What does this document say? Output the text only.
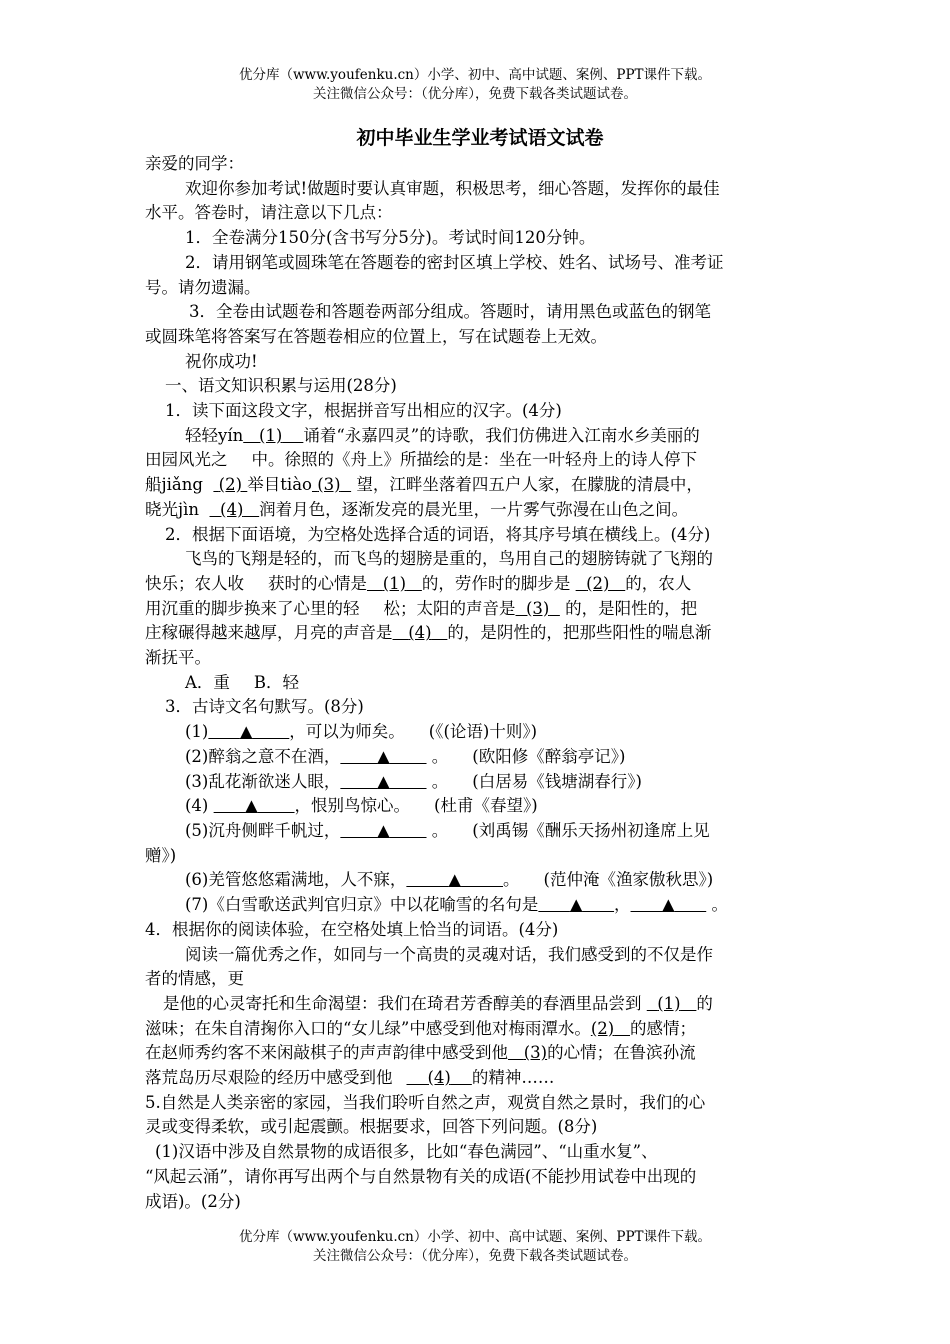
优分库（www.youfenku.cn）小学、初中、高中试题、案例、PPT课件下载。
关注微信公众号：（优分库），免费下载各类试题试卷。
初中毕业生学业考试语文试卷

亲爱的同学：

欢迎你参加考试!做题时要认真审题，积极思考，细心答题，发挥你的最佳

水平。答卷时，请注意以下几点：

1．全卷满分150分(含书写分5分)。考试时间120分钟。

2．请用钢笔或圆珠笔在答题卷的密封区填上学校、姓名、试场号、准考证

号。请勿遗漏。

3．全卷由试题卷和答题卷两部分组成。答题时，请用黑色或蓝色的钢笔

或圆珠笔将答案写在答题卷相应的位置上，写在试题卷上无效。

祝你成功!

一、语文知识积累与运用(28分)

1．读下面这段文字，根据拼音写出相应的汉字。(4分)

轻轻yín (1) 诵着“永嘉四灵”的诗歌，我们仿佛进入江南水乡美丽的

田园风光之 中。徐照的《舟上》所描绘的是：坐在一叶轻舟上的诗人停下

船jiǎng (2) 举目tiào (3) 望，江畔坐落着四五户人家，在朦胧的清晨中，

晓光jìn (4) 润着月色，逐渐发亮的晨光里，一片雾气弥漫在山色之间。

2．根据下面语境，为空格处选择合适的词语，将其序号填在横线上。(4分)

飞鸟的飞翔是轻的，而飞鸟的翅膀是重的，鸟用自己的翅膀铸就了飞翔的

快乐；农人收 获时的心情是 (1) 的，劳作时的脚步是 (2) 的，农人

用沉重的脚步换来了心里的轻 松；太阳的声音是 (3) 的，是阳性的，把

庄稼碾得越来越厚，月亮的声音是 (4) 的，是阴性的，把那些阳性的喘息渐

渐抚平。

A．重 B．轻

3．古诗文名句默写。(8分)

(1) ▲ ，可以为师矣。 (《(论语)十则》)

(2)醉翁之意不在酒， ▲	。 (欧阳修《醉翁亭记》)

(3)乱花渐欲迷人眼， ▲	。 (白居易《钱塘湖春行》)

(4) ▲ ，恨别鸟惊心。 (杜甫《春望》)

(5)沉舟侧畔千帆过， ▲	。 (刘禹锡《酬乐天扬州初逢席上见

赠》)

(6)羌管悠悠霜满地，人不寐，	▲	。 (范仲淹《渔家傲秋思》)

(7)《白雪歌送武判官归京》中以花喻雪的名句是 ▲ ， ▲ 。

4．根据你的阅读体验，在空格处填上恰当的词语。(4分)

阅读一篇优秀之作，如同与一个高贵的灵魂对话，我们感受到的不仅是作

者的情感，更

是他的心灵寄托和生命渴望：我们在琦君芳香醇美的春酒里品尝到 (1) 的

滋味；在朱自清掬你入口的“女儿绿”中感受到他对梅雨潭水。(2) 的感情；

在赵师秀约客不来闲敲棋子的声声韵律中感受到他 (3)的心情；在鲁滨孙流

落荒岛历尽艰险的经历中感受到他 (4) 的精神……

5.自然是人类亲密的家园，当我们聆听自然之声，观赏自然之景时，我们的心

灵或变得柔软，或引起震颤。根据要求，回答下列问题。(8分)

(1)汉语中涉及自然景物的成语很多，比如“春色满园”、“山重水复”、

“风起云涌”，请你再写出两个与自然景物有关的成语(不能抄用试卷中出现的

成语)。(2分)

优分库（www.youfenku.cn）小学、初中、高中试题、案例、PPT课件下载。
关注微信公众号：（优分库），免费下载各类试题试卷。
